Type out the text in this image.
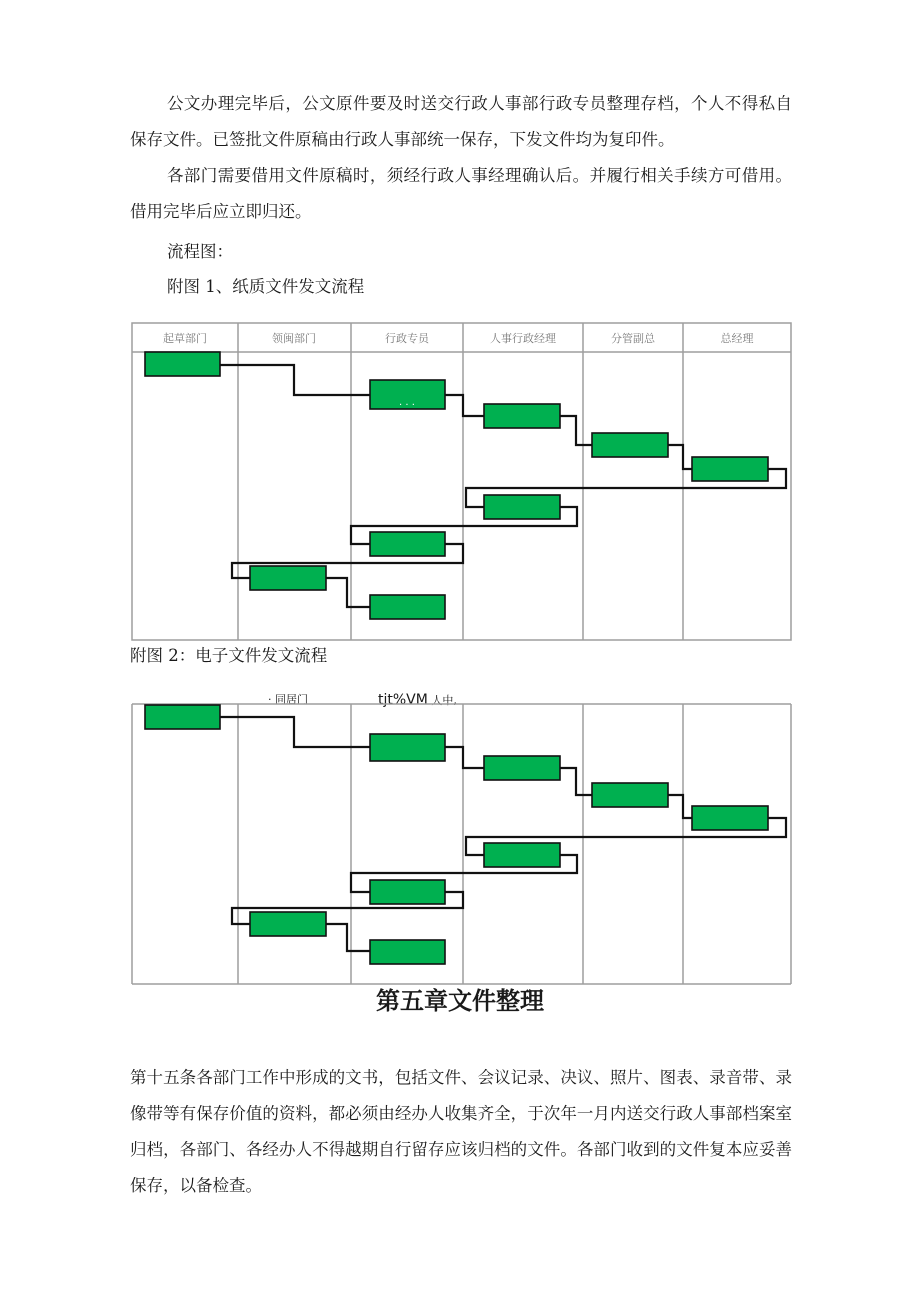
公文办理完毕后，公文原件要及时送交行政人事部行政专员整理存档，个人不得私自保存文件。已签批文件原稿由行政人事部统一保存，下发文件均为复印件。

各部门需要借用文件原稿时，须经行政人事经理确认后。并履行相关手续方可借用。借用完毕后应立即归还。

流程图：

附图 1、纸质文件发文流程

起草部门	领闽部门	行政专员	人事行政经理	分管副总	总经理
. . .

附图 2：电子文件发文流程

· 同居门	tjt%VM 人中,
第五章文件整理

第十五条各部门工作中形成的文书，包括文件、会议记录、决议、照片、图表、录音带、录像带等有保存价值的资料，都必须由经办人收集齐全，于次年一月内送交行政人事部档案室归档，各部门、各经办人不得越期自行留存应该归档的文件。各部门收到的文件复本应妥善保存，以备检查。
